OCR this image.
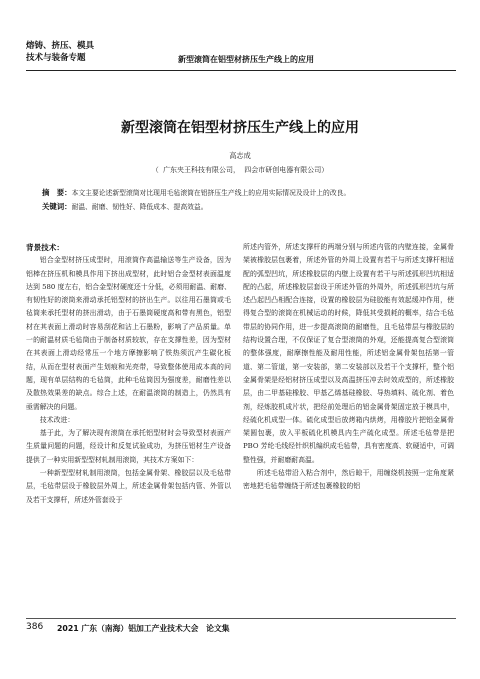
熔铸、挤压、模具
技术与装备专题	新型滚筒在铝型材挤压生产线上的应用
新型滚筒在铝型材挤压生产线上的应用
高志成
（ 广东夹王科技有限公司， 四会市研创电器有限公司）
摘　要：本文主要论述新型滚筒对比现用毛毡滚筒在铝挤压生产线上的应用实际情况及设计上的改良。
关键词：耐温、耐磨、韧性好、降低成本、提高效益。

背景技术：

铝合金型材挤压成型时，用滚筒作高温输送等生产设备，因为铝棒在挤压机和模具作用下挤出成型材，此时铝合金型材表面温度达到 580 度左右，铝合金型材硬度还十分低，必须用耐温、耐磨、有韧性好的滚筒来滑动承托铝型材的挤出生产。以往用石墨筒或毛毡筒来承托型材的挤出滑动，由于石墨筒硬度高和带有黑色，铝型材在其表面上滑动时容易刮花和沾上石墨粉，影响了产品质量。单一的耐温材质毛毡筒由于制备材质较软，存在支撑性差，因为型材在其表面上滑动经常压一个地方摩擦影响了铁热须沉产生碳化板结，从而在型材表面产生划痕和光亮带，导致整体使用成本高的问题，现有单层结构的毛毡筒，此种毛毡筒因为强度差，耐磨性差以及散热效果差的缺点。综合上述，在耐温滚筒的制造上，仍然具有亟需解决的问题。

技术改进：

基于此，为了解决现有滚筒在承托铝型材时会导致型材表面产生质量问题的问题，经设计和反复试验成功，为挤压铝材生产设备提供了一种实用新型型材轧制用滚筒，其技术方案如下：

一种新型型材轧制用滚筒，包括金属骨架、橡胶层以及毛毡带层，毛毡带层设于橡胶层外周上，所述金属骨架包括内管、外管以及若干支撑杆，所述外管套设于

所述内管外，所述支撑杆的两端分别与所述内管的内壁连接，金属骨架被橡胶层包裹着，所述外管的外周上设置有若干与所述支撑杆相适配的弧型凹坑，所述橡胶层的内壁上设置有若干与所述弧形凹坑相适配的凸起，所述橡胶层套设于所述外管的外周外，所述弧形凹坑与所述凸起凹凸相配合连接，设置的橡胶层为硅胶能有效起缓冲作用，使得复合型的滚筒在机械运动的时候，降低其受损耗的概率，结合毛毡带层的协同作用，进一步提高滚筒的耐磨性，且毛毡带层与橡胶层的结构设置合理，不仅保证了复合型滚筒的外观，还能提高复合型滚筒的整体强度，耐摩擦性能及耐用性能，所述铝金属骨架包括第一管道、第二管道，第一安装部，第二安装部以及若干个支撑杆，整个铝金属骨架是经铝材挤压成型以及高温挤压冲去时效成型的，所述橡胶层，由二甲基硅橡胶、甲基乙烯基硅橡胶、导热填料、硫化剂、着色剂，经炼胶机成片状，把经前处理后的铝金属骨架固定放于模具中，经硫化机成型一体。硫化成型后放烤箱内烘烤，用橡胶片把铝金属骨架圆包裹，放入平板硫化机模具内生产硫化成型。所述毛毡带是把 PBO 芳纶毛线经针织机编织成毛毡带，具有密度高、软硬适中，可调整性强，并耐磨耐高温。

所述毛毡带沿入粘合剂中，然后晾干，用缠绕机按照一定角度紧密地把毛毡带缠绕于所述包裹橡胶的铝

386 2021 广东（南海）铝加工产业技术大会　论文集
